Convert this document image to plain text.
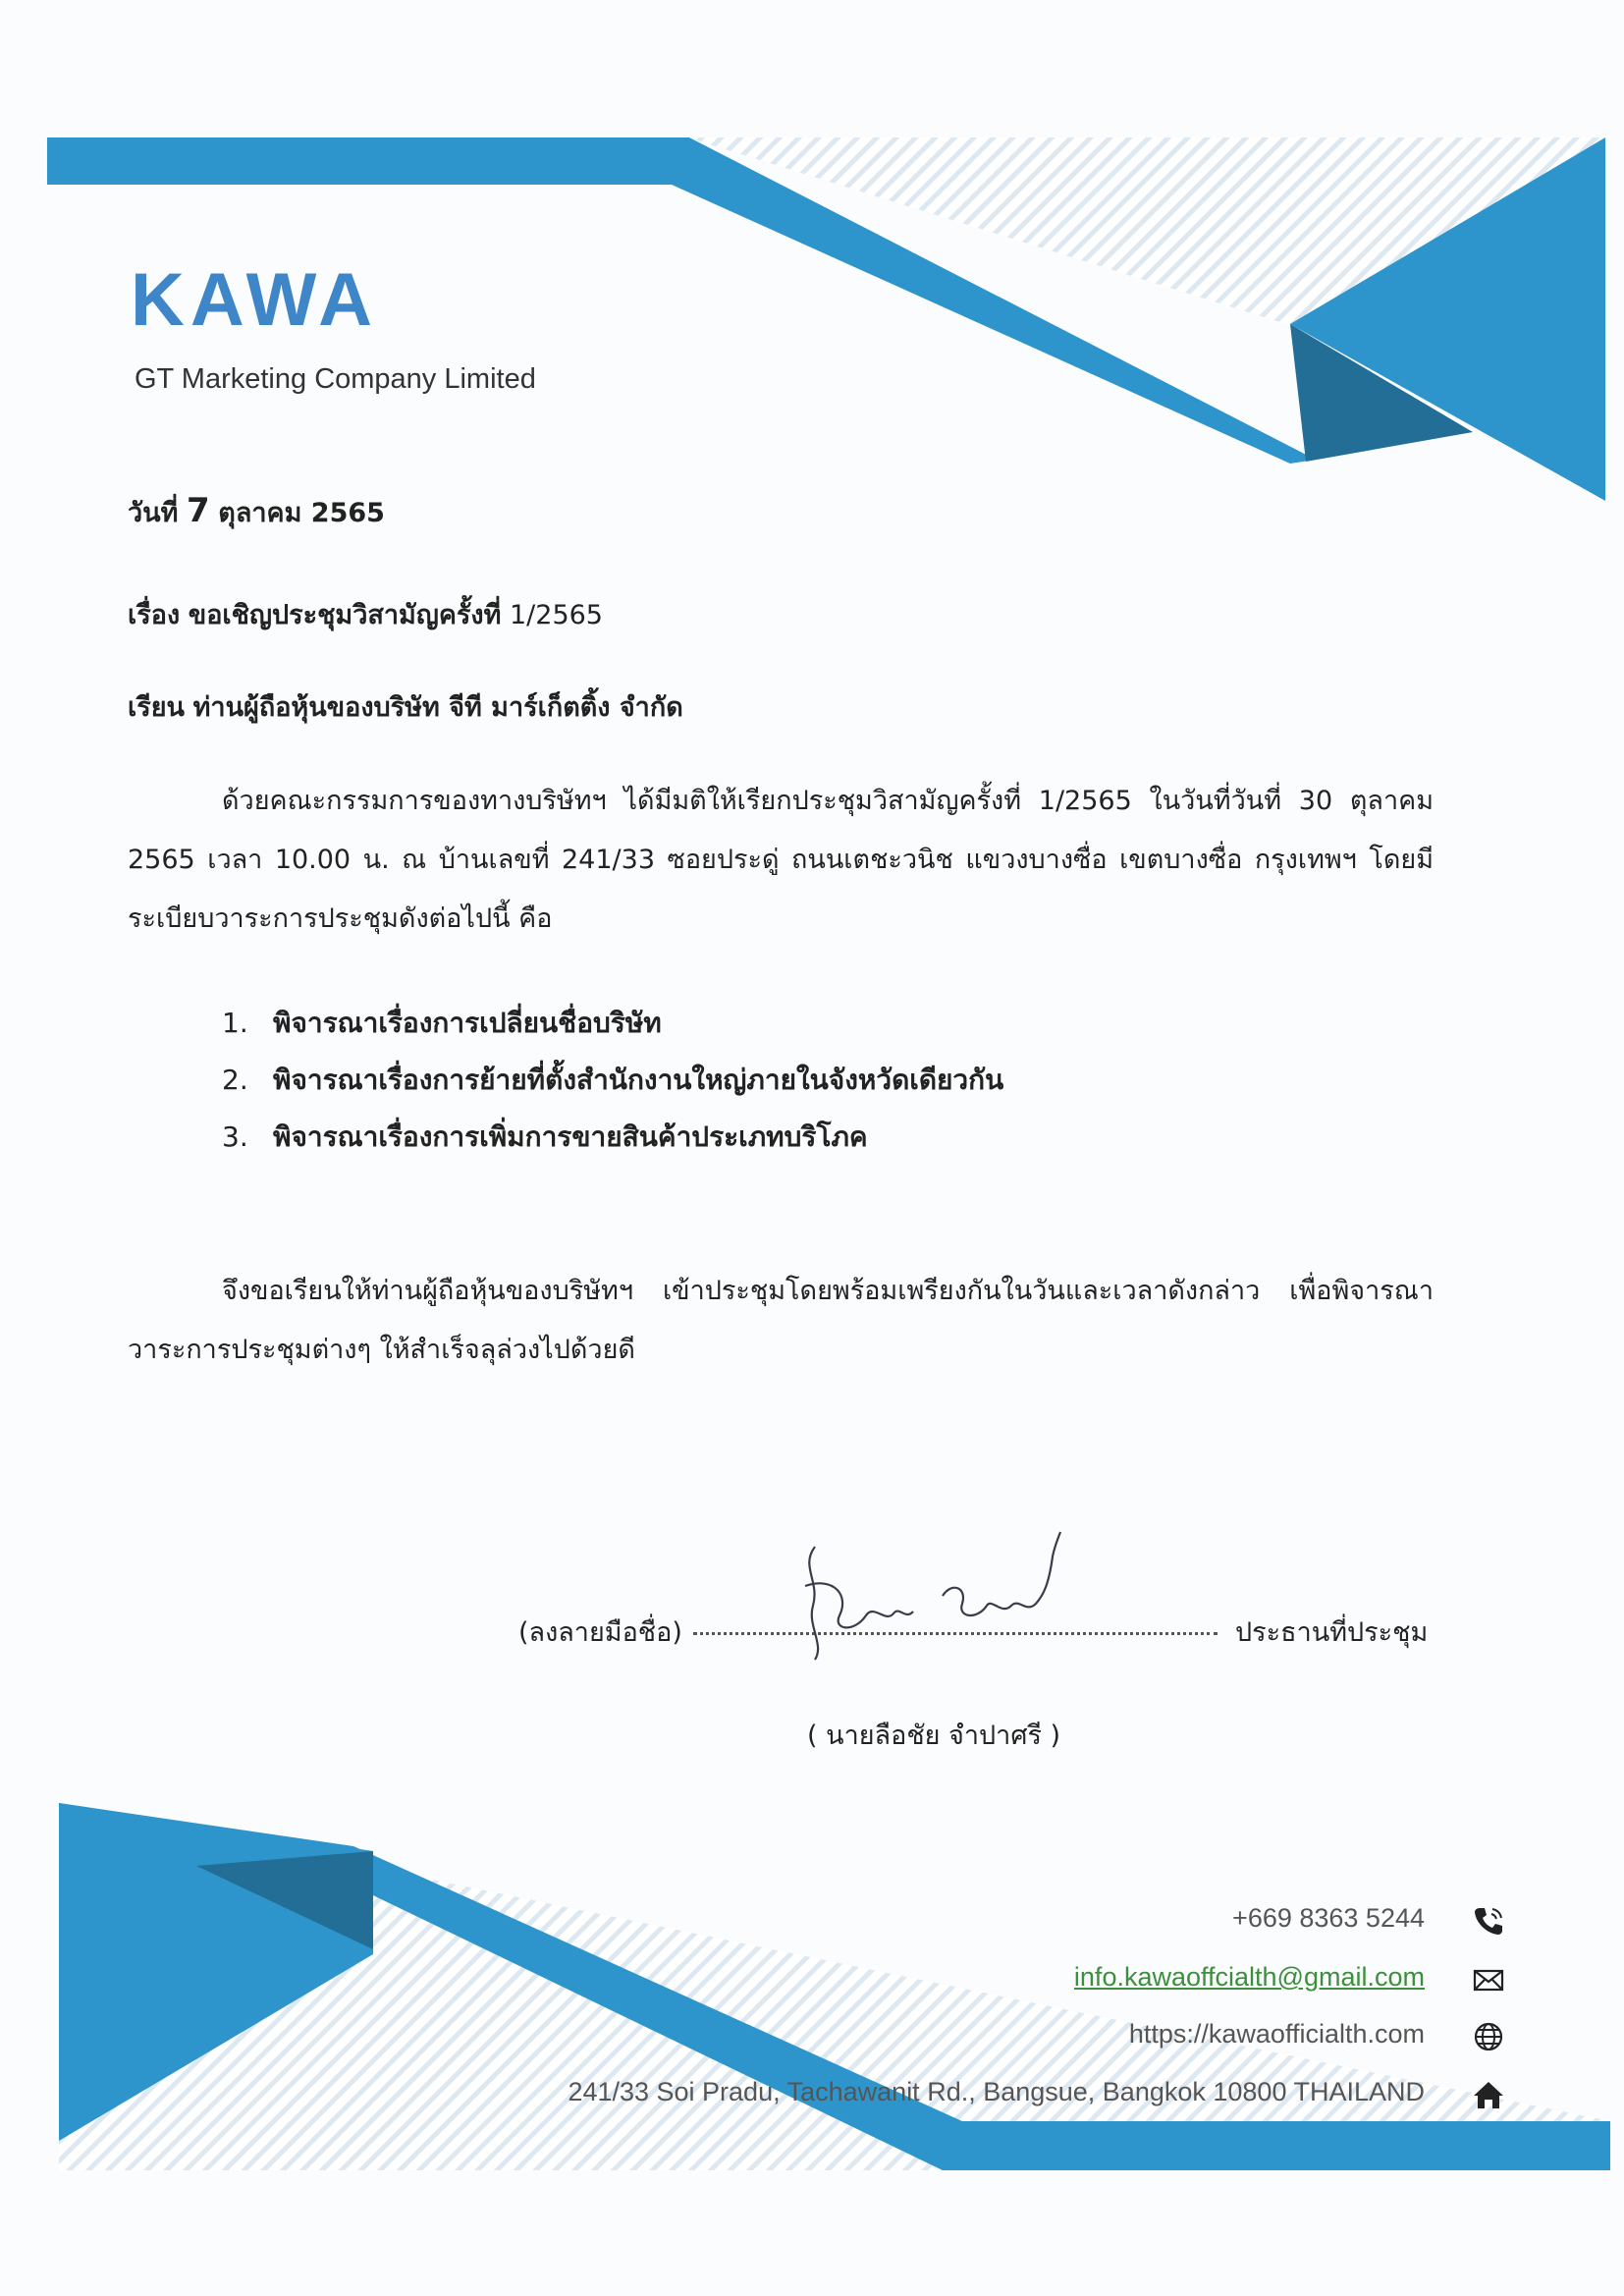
KAWA
GT Marketing Company Limited
วันที่ 7 ตุลาคม 2565
เรื่อง ขอเชิญประชุมวิสามัญครั้งที่ 1/2565
เรียน ท่านผู้ถือหุ้นของบริษัท จีที มาร์เก็ตติ้ง จำกัด
ด้วยคณะกรรมการของทางบริษัทฯ ได้มีมติให้เรียกประชุมวิสามัญครั้งที่ 1/2565 ในวันที่วันที่ 30 ตุลาคม 2565 เวลา 10.00 น. ณ บ้านเลขที่ 241/33 ซอยประดู่ ถนนเตชะวนิช แขวงบางซื่อ เขตบางซื่อ กรุงเทพฯ โดยมีระเบียบวาระการประชุมดังต่อไปนี้ คือ
1. พิจารณาเรื่องการเปลี่ยนชื่อบริษัท
2. พิจารณาเรื่องการย้ายที่ตั้งสำนักงานใหญ่ภายในจังหวัดเดียวกัน
3. พิจารณาเรื่องการเพิ่มการขายสินค้าประเภทบริโภค
จึงขอเรียนให้ท่านผู้ถือหุ้นของบริษัทฯ เข้าประชุมโดยพร้อมเพรียงกันในวันและเวลาดังกล่าว เพื่อพิจารณาวาระการประชุมต่างๆ ให้สำเร็จลุล่วงไปด้วยดี
(ลงลายมือชื่อ)	ประธานที่ประชุม
( นายลือชัย จำปาศรี )
+669 8363 5244
info.kawaoffcialth@gmail.com
https://kawaofficialth.com
241/33 Soi Pradu, Tachawanit Rd., Bangsue, Bangkok 10800 THAILAND
